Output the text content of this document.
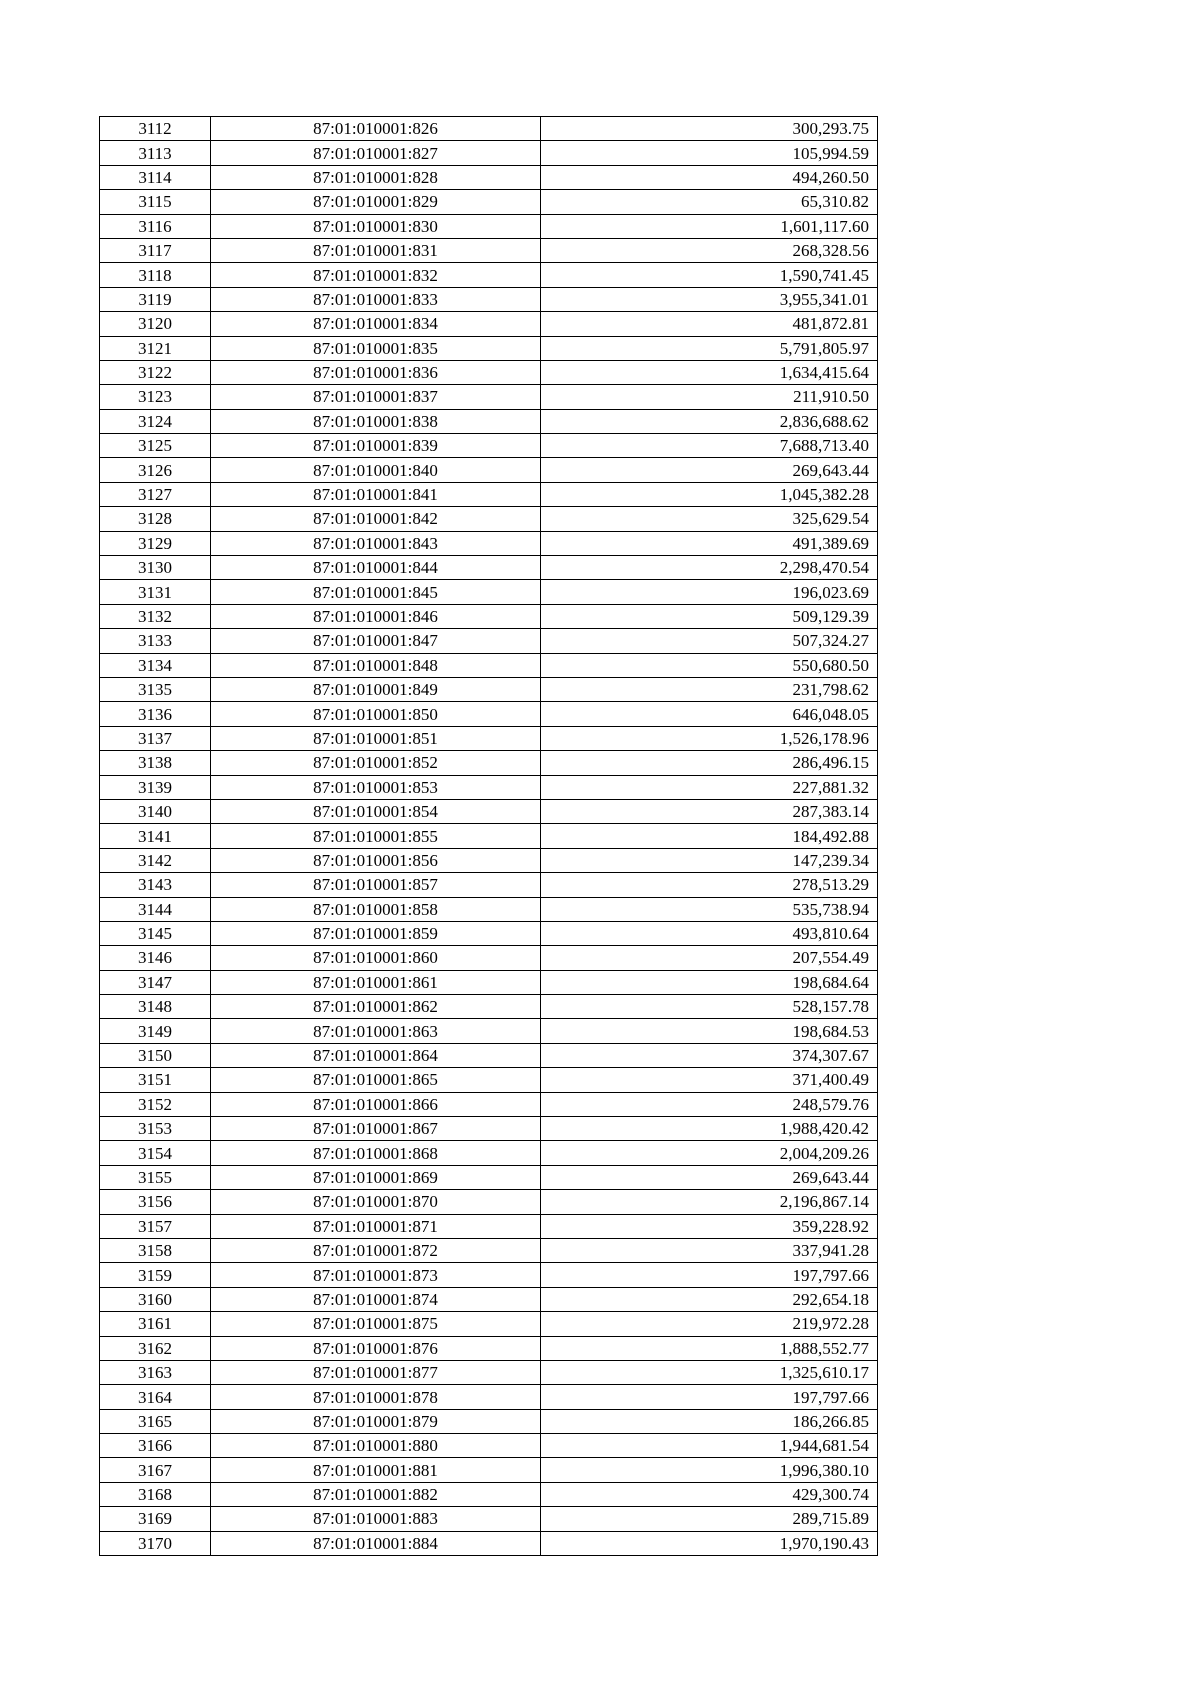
3112	87:01:010001:826	300,293.75
3113	87:01:010001:827	105,994.59
3114	87:01:010001:828	494,260.50
3115	87:01:010001:829	65,310.82
3116	87:01:010001:830	1,601,117.60
3117	87:01:010001:831	268,328.56
3118	87:01:010001:832	1,590,741.45
3119	87:01:010001:833	3,955,341.01
3120	87:01:010001:834	481,872.81
3121	87:01:010001:835	5,791,805.97
3122	87:01:010001:836	1,634,415.64
3123	87:01:010001:837	211,910.50
3124	87:01:010001:838	2,836,688.62
3125	87:01:010001:839	7,688,713.40
3126	87:01:010001:840	269,643.44
3127	87:01:010001:841	1,045,382.28
3128	87:01:010001:842	325,629.54
3129	87:01:010001:843	491,389.69
3130	87:01:010001:844	2,298,470.54
3131	87:01:010001:845	196,023.69
3132	87:01:010001:846	509,129.39
3133	87:01:010001:847	507,324.27
3134	87:01:010001:848	550,680.50
3135	87:01:010001:849	231,798.62
3136	87:01:010001:850	646,048.05
3137	87:01:010001:851	1,526,178.96
3138	87:01:010001:852	286,496.15
3139	87:01:010001:853	227,881.32
3140	87:01:010001:854	287,383.14
3141	87:01:010001:855	184,492.88
3142	87:01:010001:856	147,239.34
3143	87:01:010001:857	278,513.29
3144	87:01:010001:858	535,738.94
3145	87:01:010001:859	493,810.64
3146	87:01:010001:860	207,554.49
3147	87:01:010001:861	198,684.64
3148	87:01:010001:862	528,157.78
3149	87:01:010001:863	198,684.53
3150	87:01:010001:864	374,307.67
3151	87:01:010001:865	371,400.49
3152	87:01:010001:866	248,579.76
3153	87:01:010001:867	1,988,420.42
3154	87:01:010001:868	2,004,209.26
3155	87:01:010001:869	269,643.44
3156	87:01:010001:870	2,196,867.14
3157	87:01:010001:871	359,228.92
3158	87:01:010001:872	337,941.28
3159	87:01:010001:873	197,797.66
3160	87:01:010001:874	292,654.18
3161	87:01:010001:875	219,972.28
3162	87:01:010001:876	1,888,552.77
3163	87:01:010001:877	1,325,610.17
3164	87:01:010001:878	197,797.66
3165	87:01:010001:879	186,266.85
3166	87:01:010001:880	1,944,681.54
3167	87:01:010001:881	1,996,380.10
3168	87:01:010001:882	429,300.74
3169	87:01:010001:883	289,715.89
3170	87:01:010001:884	1,970,190.43
